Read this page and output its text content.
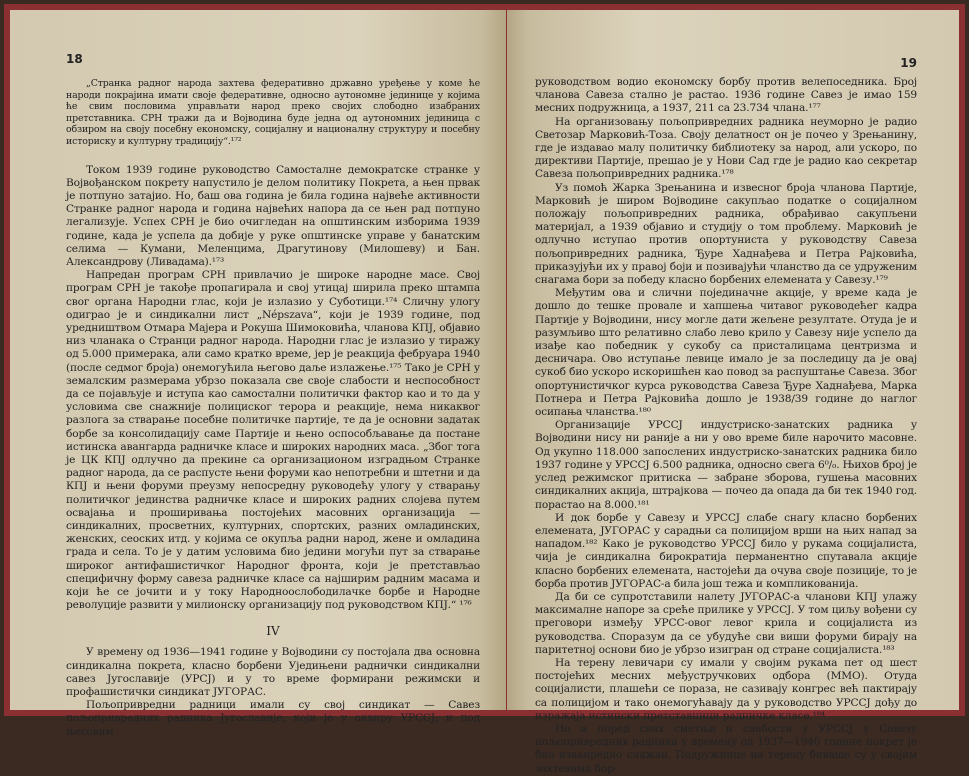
18

„Странка радног народа захтева федеративно државно уређење у коме ће народи покрајина имати своје федеративне, односно аутономне јединице у којима ће свим пословима управљати народ преко својих слободно изабраних претставника. СРН тражи да и Војводина буде једна од аутономних јединица с обзиром на своју посебну економску, социјалну и националну структуру и посебну историску и културну традицију“.¹⁷²

Током 1939 године руководство Самосталне демократске странке у Војвођанском покрету напустило је делом политику Покрета, а њен првак је потпуно затајио. Но, баш ова година је била година највеће активности Странке радног народа и година највећих напора да се њен рад потпуно легализује. Успех СРН је био очигледан на општинским изборима 1939 године, када је успела да добије у руке општинске управе у банатским селима — Кумани, Меленцима, Драгутинову (Милошеву) и Бан. Александрову (Ливадама).¹⁷³

Напредан програм СРН привлачио је широке народне масе. Свој програм СРН је такође пропагирала и свој утицај ширила преко штампа свог органа Народни глас, који је излазио у Суботици.¹⁷⁴ Сличну улогу одиграо је и синдикални лист „Népszava“, који је 1939 године, под уредништвом Отмара Мајера и Рокуша Шимоковића, чланова КПЈ, објавио низ чланака о Странци радног народа. Народни глас је излазио у тиражу од 5.000 примерака, али само кратко време, јер је реакција фебруара 1940 (после седмог броја) онемогућила његово даље излажење.¹⁷⁵ Тако је СРН у земалским размерама убрзо показала све своје слабости и неспособност да се појављује и иступа као самостални политички фактор као и то да у условима све снажније полициског терора и реакције, нема никаквог разлога за стварање посебне политичке партије, те да је основни задатак борбе за консолидацију саме Партије и њено оспособљавање да постане истинска авангарда радничке класе и широких народних маса. „Због тога је ЦК КПЈ одлучно да прекине са организационом изградњом Странке радног народа, да се распусте њени форуми као непотребни и штетни и да КПЈ и њени форуми преузму непосредну руководећу улогу у стварању политичког јединства радничке класе и широких радних слојева путем освајања и проширивања постојећих масовних организација — синдикалних, просветних, културних, спортских, разних омладинских, женских, сеоских итд. у којима се окупља радни народ, жене и омладина града и села. То је у датим условима био једини могући пут за стварање широког антифашистичког Народног фронта, који је претстављао специфичну форму савеза радничке класе са најширим радним масама и који ће се јочити и у току Народноослободилачке борбе и Народне револуције развити у милионску организацију под руководством КПЈ.“ ¹⁷⁶

IV

У времену од 1936—1941 године у Војводини су постојала два основна синдикална покрета, класно борбени Уједињени раднички синдикални савез Југославије (УРСЈ) и у то време формирани режимски и профашистички синдикат ЈУГОРАС.

Пољопривредни радници имали су свој синдикат — Савез пољопривредних радника Југославије, који је у оквиру УРССЈ, и под његовим

19

руководством водио економску борбу против велепоседника. Број чланова Савеза стално је растао. 1936 године Савез је имао 159 месних подружница, а 1937, 211 са 23.734 члана.¹⁷⁷

На организовању пољопривредних радника неуморно је радио Светозар Марковић-Тоза. Своју делатност он је почео у Зрењанину, где је издавао малу политичку библиотеку за народ, али ускоро, по директиви Партије, прешао је у Нови Сад где је радио као секретар Савеза пољопривредних радника.¹⁷⁸

Уз помоћ Жарка Зрењанина и извесног броја чланова Партије, Марковић је широм Војводине сакупљао податке о социјалном положају пољопривредних радника, обрађивао сакупљени материјал, а 1939 објавио и студију о том проблему. Марковић је одлучно иступао против опортуниста у руководству Савеза пољопривредних радника, Ђуре Хаднађева и Петра Рајковића, приказујући их у правој боји и позивајући чланство да се удруженим снагама бори за победу класно борбених елемената у Савезу.¹⁷⁹

Међутим ова и слични појединачне акције, у време када је дошло до тешке провале и хапшења читавог руководећег кадра Партије у Војводини, нису могле дати жељене резултате. Отуда је и разумљиво што релативно слабо лево крило у Савезу није успело да изађе као победник у сукобу са присталицама центризма и десничара. Ово иступање левице имало је за последицу да је овај сукоб био ускоро искоришћен као повод за распуштање Савеза. Због опортунистичког курса руководства Савеза Ђуре Хаднађева, Марка Потнера и Петра Рајковића дошло је 1938/39 године до наглог осипања чланства.¹⁸⁰

Организације УРССЈ индустриско-занатских радника у Војводини нису ни раније а ни у ово време биле нарочито масовне. Од укупно 118.000 запослених индустриско-занатских радника било 1937 године у УРССЈ 6.500 радника, односно свега 6⁰/₀. Њихов број је услед режимског притиска — забране зборова, гушења масовних синдикалних акција, штрајкова — почео да опада да би тек 1940 год. порастао на 8.000.¹⁸¹

И док борбе у Савезу и УРССЈ слабе снагу класно борбених елемената, ЈУГОРАС у сарадњи са полицијом врши на њих напад за нападом.¹⁸² Како је руководство УРССЈ било у рукама социјалиста, чија је синдикална бирократија перманентно спутавала акције класно борбених елемената, настојећи да очува своје позиције, то је борба против ЈУГОРАС-а била још тежа и компликованија.

Да би се супротставили налету ЈУГОРАС-а чланови КПЈ улажу максималне напоре за среће прилике у УРССЈ. У том циљу вођени су преговори између УРСС-овог левог крила и социјалиста из руководства. Споразум да се убудуће сви виши форуми бирају на паритетној основи био је убрзо изигран од стране социјалиста.¹⁸³

На терену левичари су имали у својим рукама пет од шест постојећих месних међустручкових одбора (ММО). Отуда социјалисти, плашећи се пораза, не сазивају конгрес већ пактирају са полицијом и тако онемогућавају да у руководство УРССЈ дођу до изражаја истински претставници радничке класе.¹⁸⁴

Но и поред свих сметњи и слабости у УРССЈ у Савезу пољопривредних радника у времену од 1937—1940 године покрет је био изванредно снажан. Подружнице на терену биваше су у својим захтевима бор-
